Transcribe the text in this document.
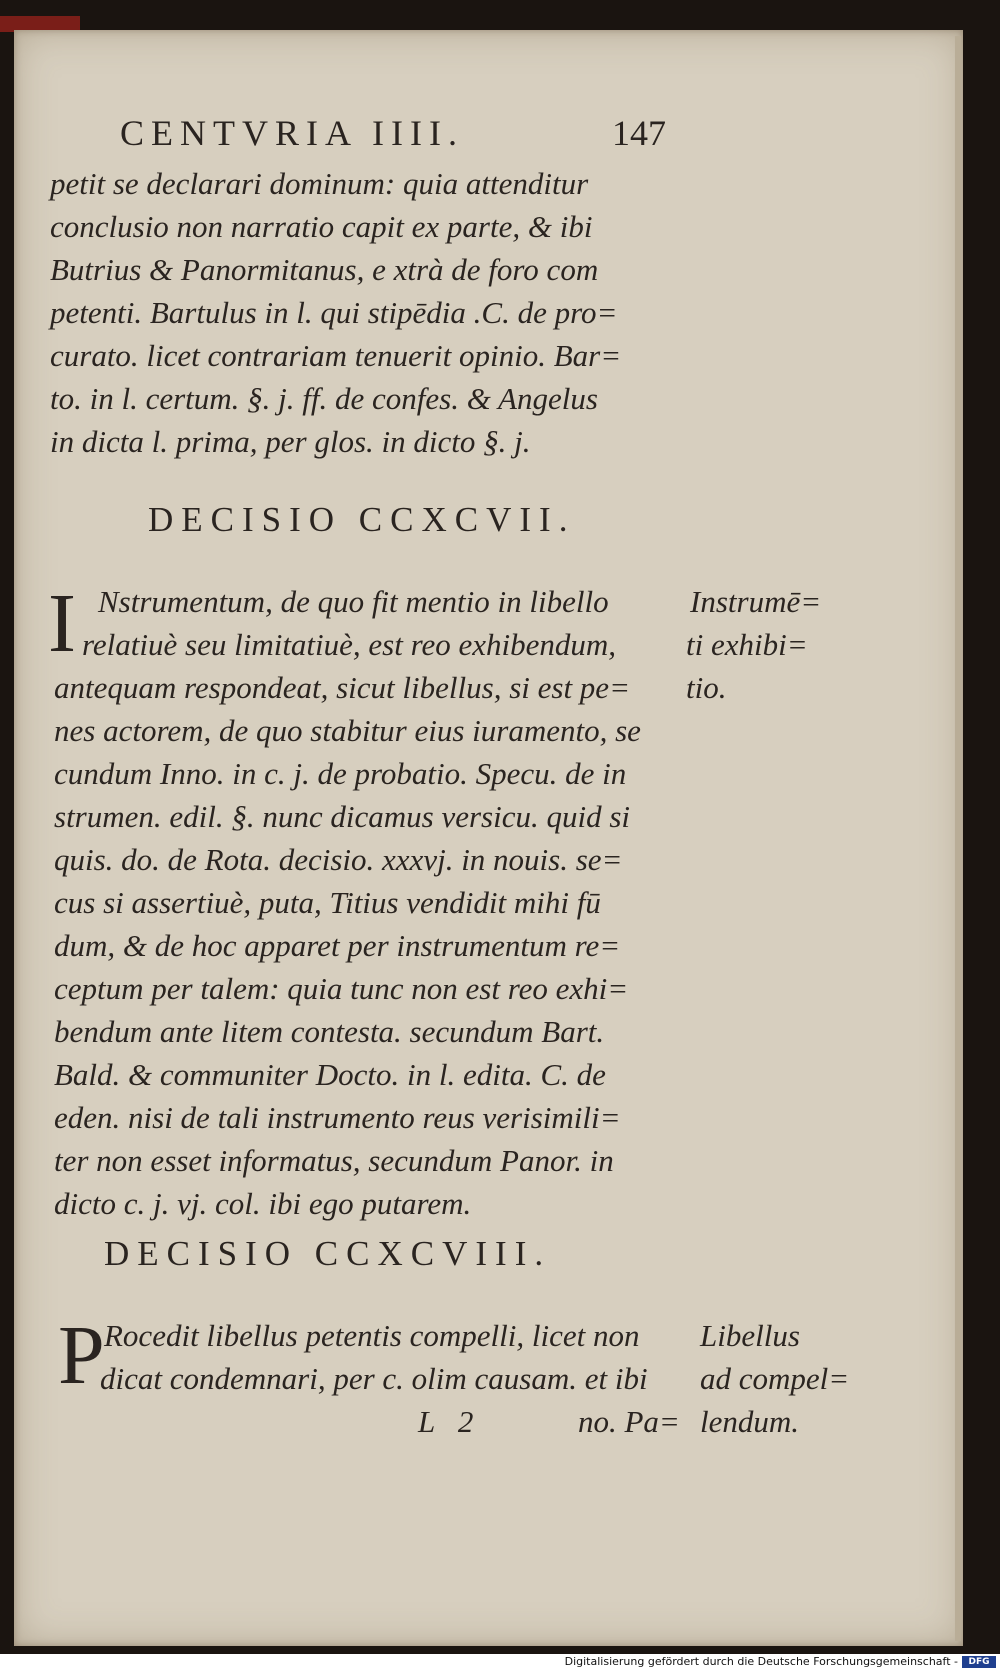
CENTVRIA IIII.	147
petit se declarari dominum: quia attenditur
conclusio non narratio capit ex parte, & ibi
Butrius & Panormitanus, e xtrà de foro com
petenti. Bartulus in l. qui stipēdia .C. de pro=
curato. licet contrariam tenuerit opinio. Bar=
to. in l. certum. §. j. ff. de confes. & Angelus
in dicta l. prima, per glos. in dicto §. j.
DECISIO CCXCVII.
I Nstrumentum, de quo fit mentio in libello
relatiuè seu limitatiuè, est reo exhibendum,
antequam respondeat, sicut libellus, si est pe=
nes actorem, de quo stabitur eius iuramento, se
cundum Inno. in c. j. de probatio. Specu. de in
strumen. edil. §. nunc dicamus versicu. quid si
quis. do. de Rota. decisio. xxxvj. in nouis. se=
cus si assertiuè, puta, Titius vendidit mihi fū
dum, & de hoc apparet per instrumentum re=
ceptum per talem: quia tunc non est reo exhi=
bendum ante litem contesta. secundum Bart.
Bald. & communiter Docto. in l. edita. C. de
eden. nisi de tali instrumento reus verisimili=
ter non esset informatus, secundum Panor. in
dicto c. j. vj. col. ibi ego putarem.
Instrumē=
ti exhibi=
tio.
DECISIO CCXCVIII.
P Rocedit libellus petentis compelli, licet non
dicat condemnari, per c. olim causam. et ibi
Libellus
ad compel=
lendum.
L   2	no. Pa=
Digitalisierung gefördert durch die Deutsche Forschungsgemeinschaft -	DFG
